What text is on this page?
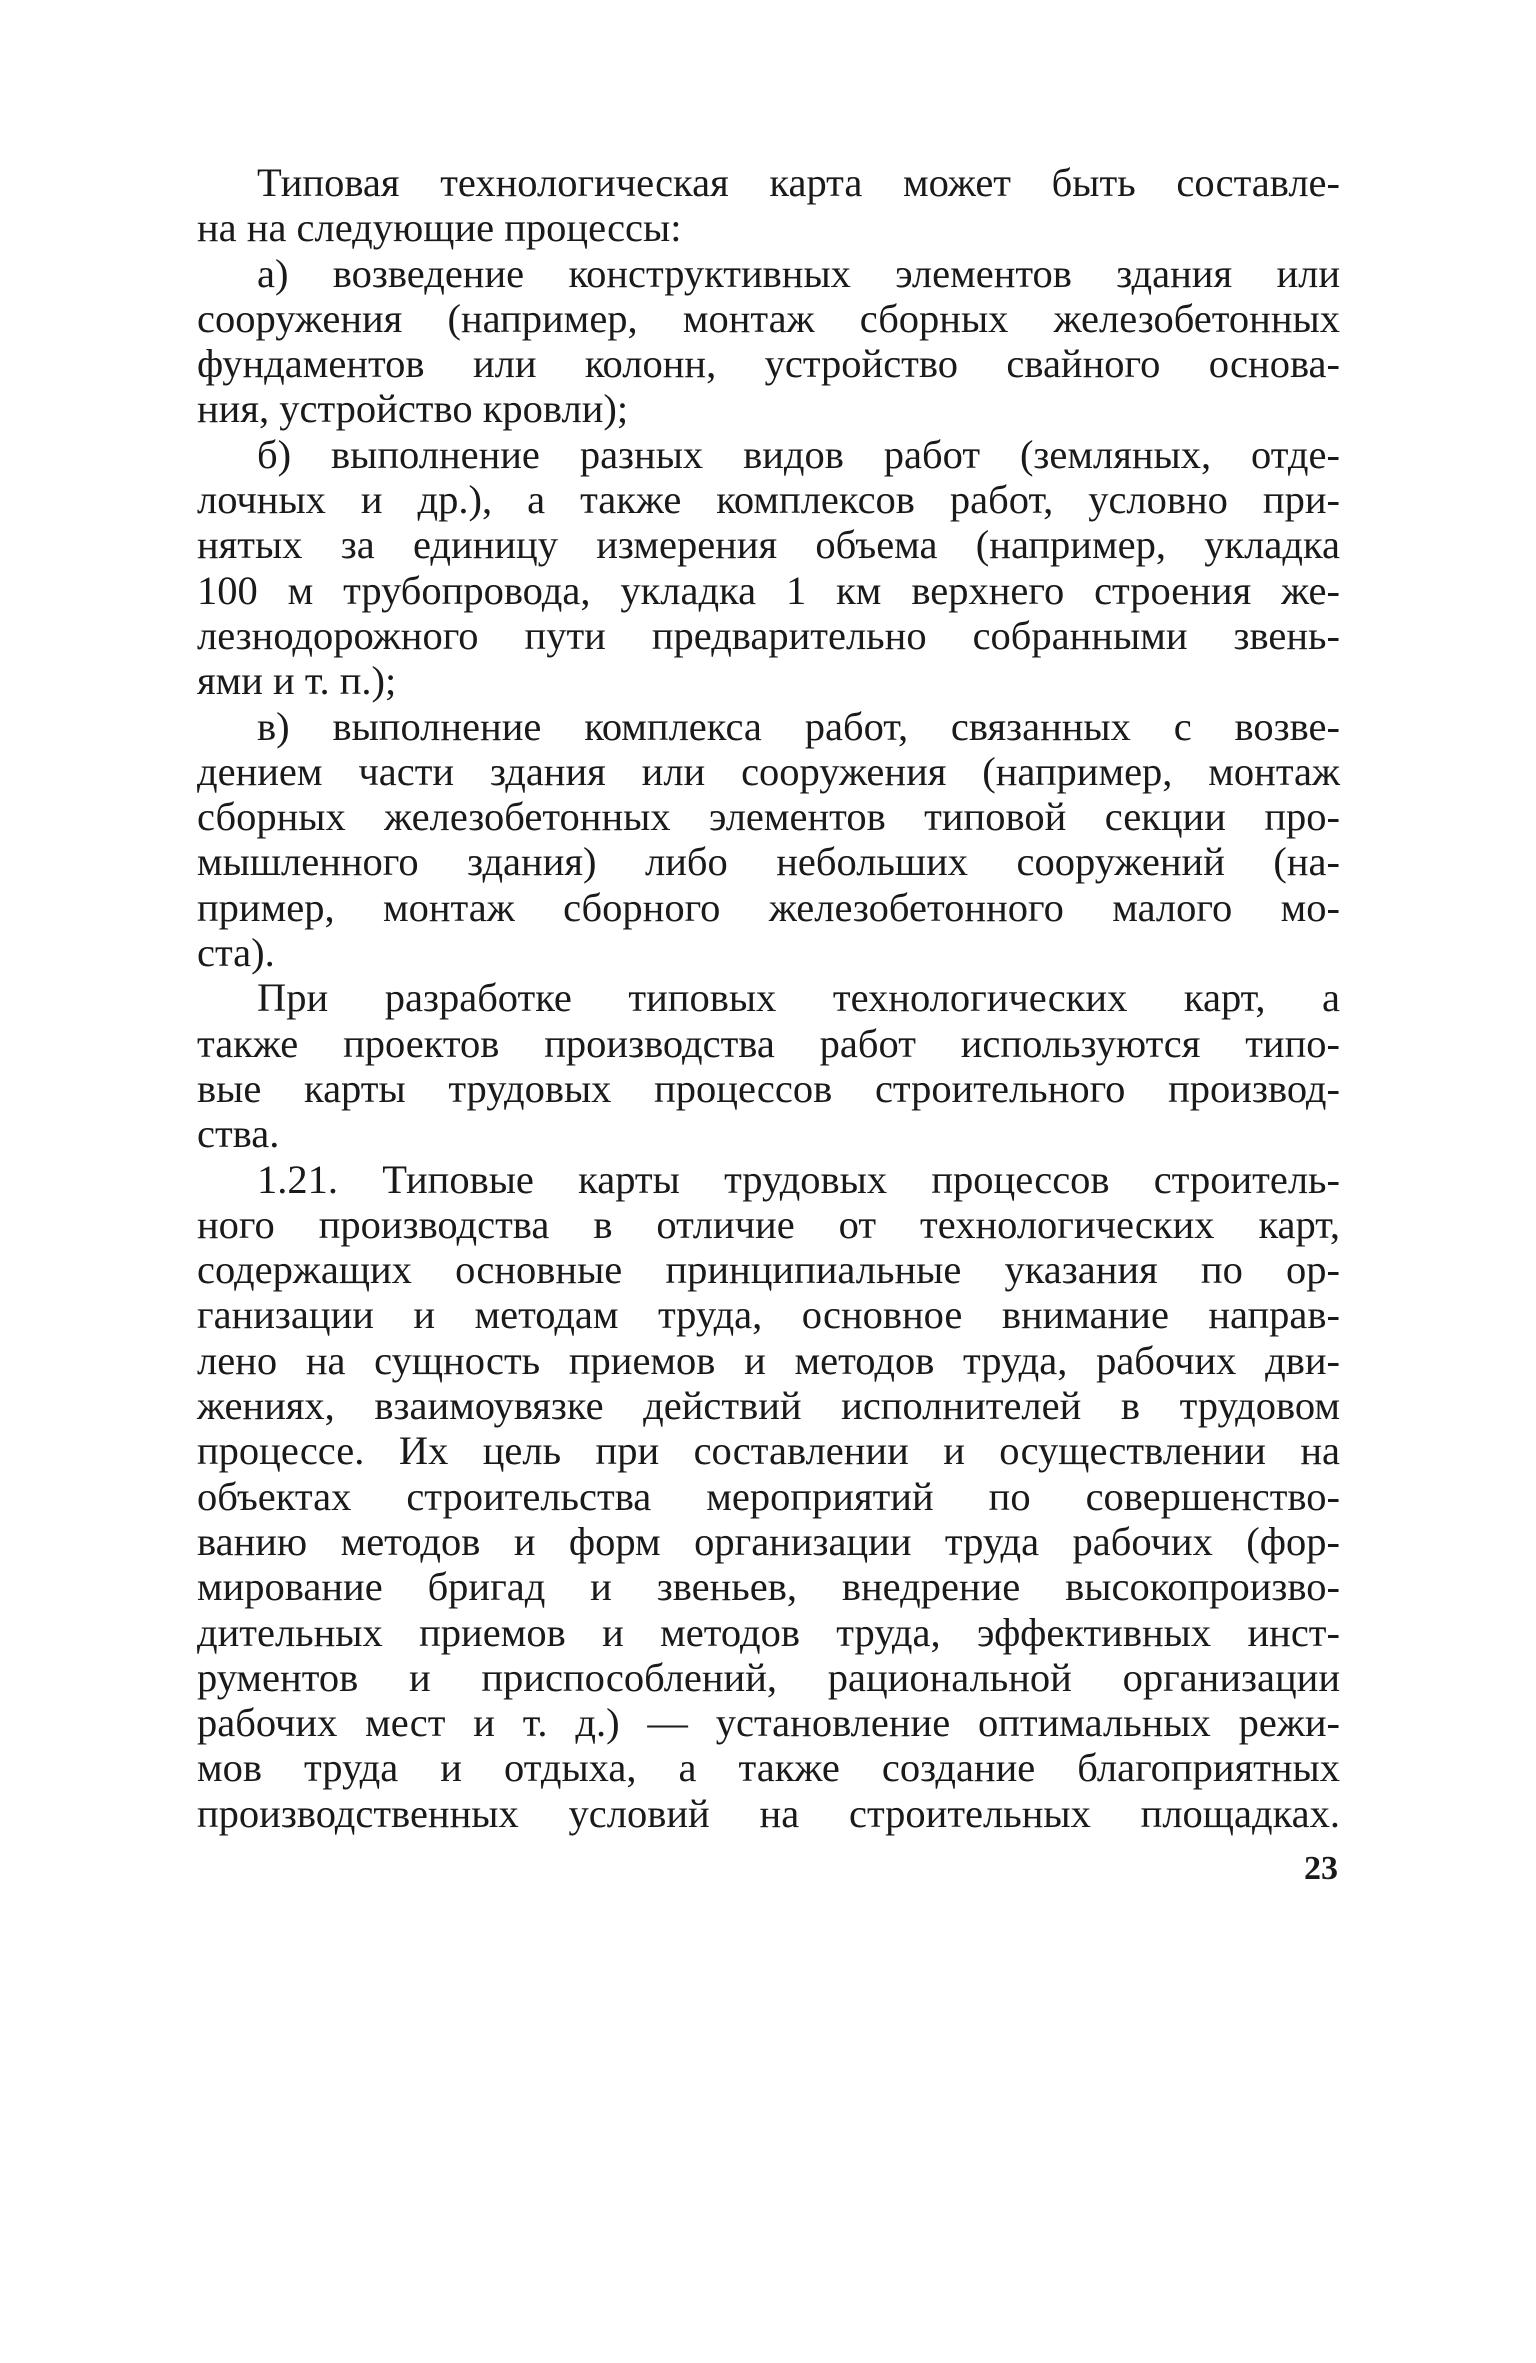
Типовая технологическая карта может быть составле-
на на следующие процессы:
а) возведение конструктивных элементов здания или
сооружения (например, монтаж сборных железобетонных
фундаментов или колонн, устройство свайного основа-
ния, устройство кровли);
б) выполнение разных видов работ (земляных, отде-
лочных и др.), а также комплексов работ, условно при-
нятых за единицу измерения объема (например, укладка
100 м трубопровода, укладка 1 км верхнего строения же-
лезнодорожного пути предварительно собранными звень-
ями и т. п.);
в) выполнение комплекса работ, связанных с возве-
дением части здания или сооружения (например, монтаж
сборных железобетонных элементов типовой секции про-
мышленного здания) либо небольших сооружений (на-
пример, монтаж сборного железобетонного малого мо-
ста).
При разработке типовых технологических карт, а
также проектов производства работ используются типо-
вые карты трудовых процессов строительного производ-
ства.
1.21. Типовые карты трудовых процессов строитель-
ного производства в отличие от технологических карт,
содержащих основные принципиальные указания по ор-
ганизации и методам труда, основное внимание направ-
лено на сущность приемов и методов труда, рабочих дви-
жениях, взаимоувязке действий исполнителей в трудовом
процессе. Их цель при составлении и осуществлении на
объектах строительства мероприятий по совершенство-
ванию методов и форм организации труда рабочих (фор-
мирование бригад и звеньев, внедрение высокопроизво-
дительных приемов и методов труда, эффективных инст-
рументов и приспособлений, рациональной организации
рабочих мест и т. д.) — установление оптимальных режи-
мов труда и отдыха, а также создание благоприятных
производственных условий на строительных площадках.
23
